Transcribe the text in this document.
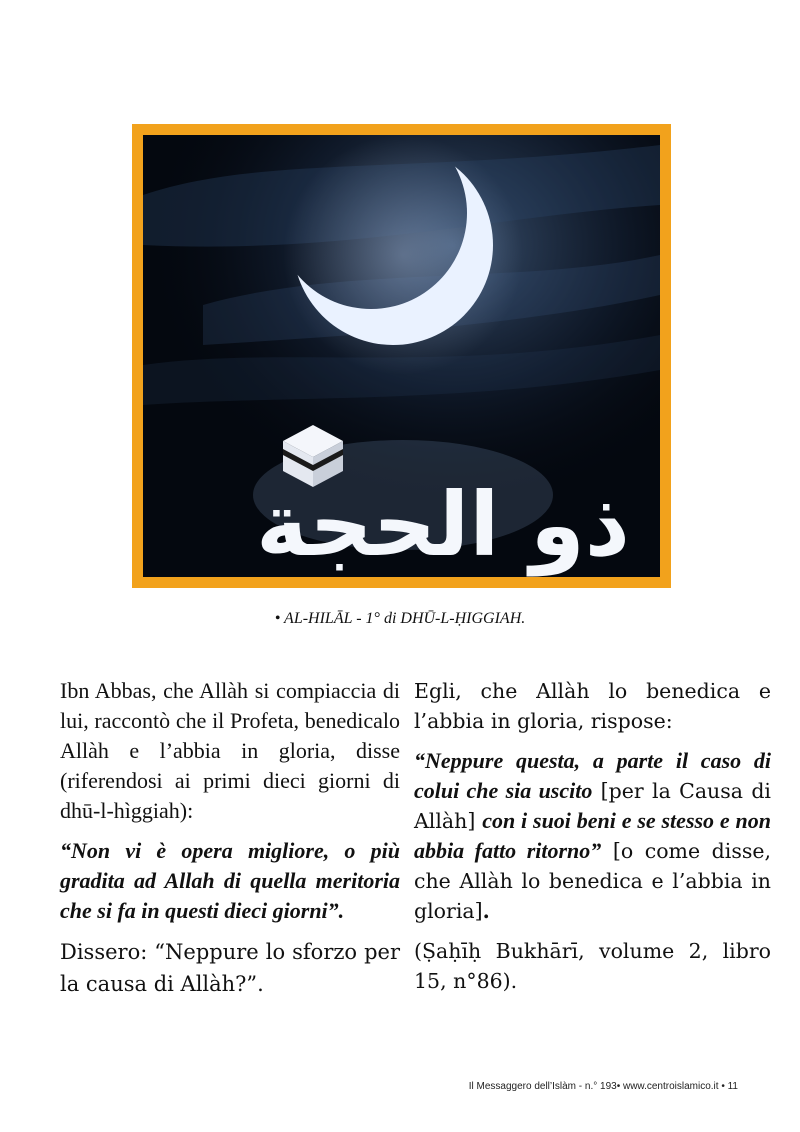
ذو الحجة
• AL-HILĀL - 1° di DHŪ-L-ḤIGGIAH.

Ibn Abbas, che Allàh si compiaccia di lui, raccontò che il Profeta, benedicalo Allàh e l’abbia in gloria, disse (riferendosi ai primi dieci giorni di dhū-l-hìggiah):

“Non vi è opera migliore, o più gradita ad Allah di quella meritoria che si fa in questi dieci giorni”.

Dissero: “Neppure lo sforzo per la causa di Allàh?”.

Egli, che Allàh lo benedica e l’abbia in gloria, rispose:

“Neppure questa, a parte il caso di colui che sia uscito [per la Causa di Allàh] con i suoi beni e se stesso e non abbia fatto ritorno” [o come disse, che Allàh lo benedica e l’abbia in gloria].

(Ṣaḥīḥ Bukhārī, volume 2, libro 15, n°86).

Il Messaggero dell’Islàm - n.° 193• www.centroislamico.it • 11
